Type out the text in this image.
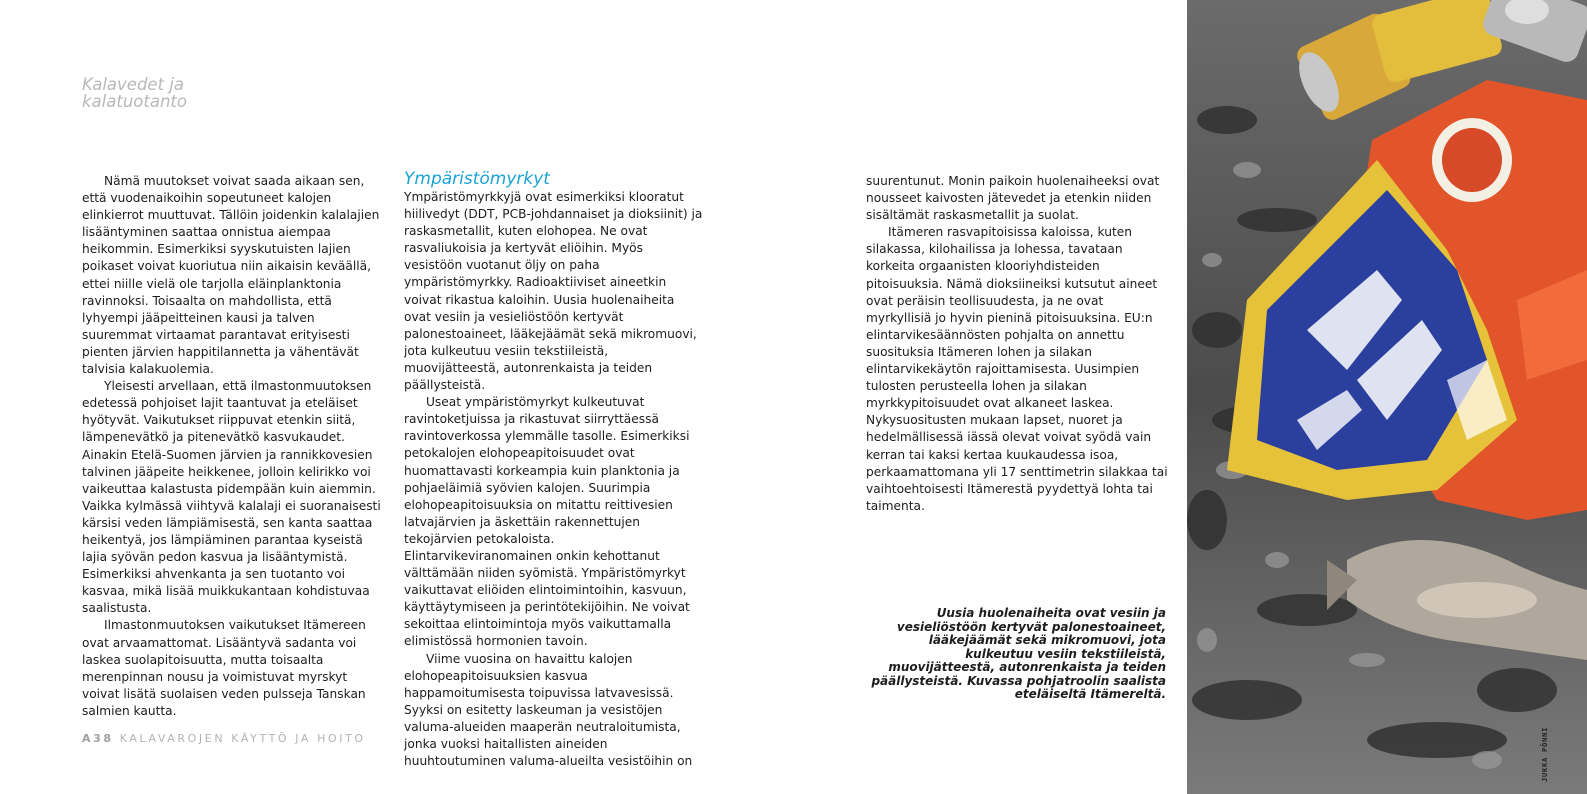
Kalavedet ja kalatuotanto

Nämä muutokset voivat saada aikaan sen, että vuodenaikoihin sopeutuneet kalojen elinkierrot muuttuvat. Tällöin joidenkin kalalajien lisääntyminen saattaa onnistua aiempaa heikommin. Esimerkiksi syyskutuisten lajien poikaset voivat kuoriutua niin aikaisin keväällä, ettei niille vielä ole tarjolla eläinplanktonia ravinnoksi. Toisaalta on mahdollista, että lyhyempi jääpeitteinen kausi ja talven suuremmat virtaamat parantavat erityisesti pienten järvien happitilannetta ja vähentävät talvisia kalakuolemia.

Yleisesti arvellaan, että ilmastonmuutoksen edetessä pohjoiset lajit taantuvat ja eteläiset hyötyvät. Vaikutukset riippuvat etenkin siitä, lämpenevätkö ja pitenevätkö kasvukaudet. Ainakin Etelä-Suomen järvien ja rannikkovesien talvinen jääpeite heikkenee, jolloin kelirikko voi vaikeuttaa kalastusta pidempään kuin aiemmin. Vaikka kylmässä viihtyvä kalalaji ei suoranaisesti kärsisi veden lämpiämisestä, sen kanta saattaa heikentyä, jos lämpiäminen parantaa kyseistä lajia syövän pedon kasvua ja lisääntymistä. Esimerkiksi ahvenkanta ja sen tuotanto voi kasvaa, mikä lisää muikkukantaan kohdistuvaa saalistusta.

Ilmastonmuutoksen vaikutukset Itämereen ovat arvaamattomat. Lisääntyvä sadanta voi laskea suolapitoisuutta, mutta toisaalta merenpinnan nousu ja voimistuvat myrskyt voivat lisätä suolaisen veden pulsseja Tanskan salmien kautta.

Ympäristömyrkyt

Ympäristömyrkkyjä ovat esimerkiksi klooratut hiilivedyt (DDT, PCB-johdannaiset ja dioksiinit) ja raskasmetallit, kuten elohopea. Ne ovat rasvaliukoisia ja kertyvät eliöihin. Myös vesistöön vuotanut öljy on paha ympäristömyrkky. Radioaktiiviset aineetkin voivat rikastua kaloihin. Uusia huolenaiheita ovat vesiin ja vesieliöstöön kertyvät palonestoaineet, lääkejäämät sekä mikromuovi, jota kulkeutuu vesiin tekstiileistä, muovijätteestä, autonrenkaista ja teiden päällysteistä.

Useat ympäristömyrkyt kulkeutuvat ravintoketjuissa ja rikastuvat siirryttäessä ravintoverkossa ylemmälle tasolle. Esimerkiksi petokalojen elohopeapitoisuudet ovat huomattavasti korkeampia kuin planktonia ja pohjaeläimiä syövien kalojen. Suurimpia elohopeapitoisuuksia on mitattu reittivesien latvajärvien ja äskettäin rakennettujen tekojärvien petokaloista. Elintarvikeviranomainen onkin kehottanut välttämään niiden syömistä. Ympäristömyrkyt vaikuttavat eliöiden elintoimintoihin, kasvuun, käyttäytymiseen ja perintötekijöihin. Ne voivat sekoittaa elintoimintoja myös vaikuttamalla elimistössä hormonien tavoin.

Viime vuosina on havaittu kalojen elohopeapitoisuuksien kasvua happamoitumisesta toipuvissa latvavesissä. Syyksi on esitetty laskeuman ja vesistöjen valuma-alueiden maaperän neutraloitumista, jonka vuoksi haitallisten aineiden huuhtoutuminen valuma-alueilta vesistöihin on

suurentunut. Monin paikoin huolenaiheeksi ovat nousseet kaivosten jätevedet ja etenkin niiden sisältämät raskasmetallit ja suolat.

Itämeren rasvapitoisissa kaloissa, kuten silakassa, kilohailissa ja lohessa, tavataan korkeita orgaanisten klooriyhdisteiden pitoisuuksia. Nämä dioksiineiksi kutsutut aineet ovat peräisin teollisuudesta, ja ne ovat myrkyllisiä jo hyvin pieninä pitoisuuksina. EU:n elintarvikesäännösten pohjalta on annettu suosituksia Itämeren lohen ja silakan elintarvikekäytön rajoittamisesta. Uusimpien tulosten perusteella lohen ja silakan myrkkypitoisuudet ovat alkaneet laskea. Nykysuositusten mukaan lapset, nuoret ja hedelmällisessä iässä olevat voivat syödä vain kerran tai kaksi kertaa kuukaudessa isoa, perkaamattomana yli 17 senttimetrin silakkaa tai vaihtoehtoisesti Itämerestä pyydettyä lohta tai taimenta.

Uusia huolenaiheita ovat vesiin ja vesieliöstöön kertyvät palonestoaineet, lääkejäämät sekä mikromuovi, jota kulkeutuu vesiin tekstiileistä, muovijätteestä, autonrenkaista ja teiden päällysteistä. Kuvassa pohjatroolin saalista eteläiseltä Itämereltä.
A38 KALAVAROJEN KÄYTTÖ JA HOITO	JUKKA PÖNNI
